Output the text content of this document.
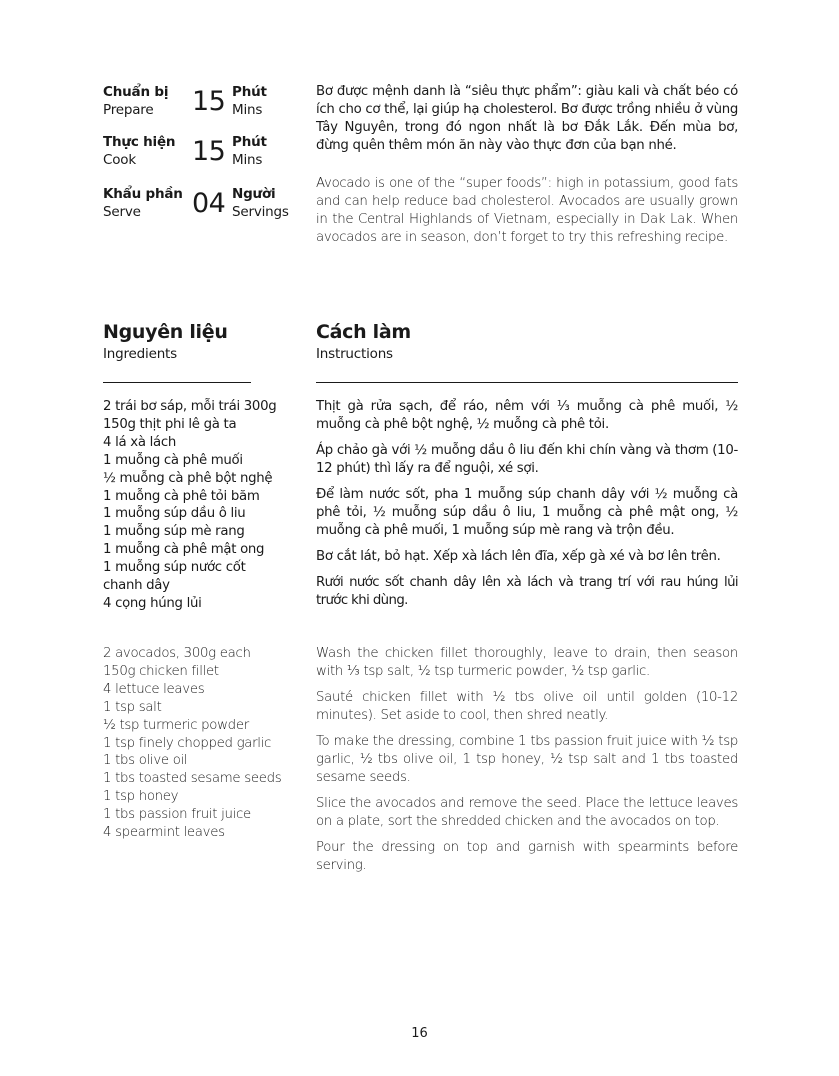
Chuẩn bị
Prepare 15 Phút
Mins
Thực hiện
Cook 15 Phút
Mins
Khẩu phần
Serve 04 Người
Servings

Bơ được mệnh danh là “siêu thực phẩm”: giàu kali và chất béo có ích cho cơ thể, lại giúp hạ cholesterol. Bơ được trồng nhiều ở vùng Tây Nguyên, trong đó ngon nhất là bơ Đắk Lắk. Đến mùa bơ, đừng quên thêm món ăn này vào thực đơn của bạn nhé.

Avocado is one of the “super foods”: high in potassium, good fats and can help reduce bad cholesterol. Avocados are usually grown in the Central Highlands of Vietnam, especially in Dak Lak. When avocados are in season, don’t forget to try this refreshing recipe.

Nguyên liệu
Ingredients
Cách làm
Instructions
2 trái bơ sáp, mỗi trái 300g
150g thịt phi lê gà ta
4 lá xà lách
1 muỗng cà phê muối
½ muỗng cà phê bột nghệ
1 muỗng cà phê tỏi băm
1 muỗng súp dầu ô liu
1 muỗng súp mè rang
1 muỗng cà phê mật ong
1 muỗng súp nước cốt chanh dây
4 cọng húng lủi
2 avocados, 300g each
150g chicken fillet
4 lettuce leaves
1 tsp salt
½ tsp turmeric powder
1 tsp finely chopped garlic
1 tbs olive oil
1 tbs toasted sesame seeds
1 tsp honey
1 tbs passion fruit juice
4 spearmint leaves

Thịt gà rửa sạch, để ráo, nêm với ⅓ muỗng cà phê muối, ½ muỗng cà phê bột nghệ, ½ muỗng cà phê tỏi.

Áp chảo gà với ½ muỗng dầu ô liu đến khi chín vàng và thơm (10-12 phút) thì lấy ra để nguội, xé sợi.

Để làm nước sốt, pha 1 muỗng súp chanh dây với ½ muỗng cà phê tỏi, ½ muỗng súp dầu ô liu, 1 muỗng cà phê mật ong, ½ muỗng cà phê muối, 1 muỗng súp mè rang và trộn đều.

Bơ cắt lát, bỏ hạt. Xếp xà lách lên đĩa, xếp gà xé và bơ lên trên.

Rưới nước sốt chanh dây lên xà lách và trang trí với rau húng lủi trước khi dùng.

Wash the chicken fillet thoroughly, leave to drain, then season with ⅓ tsp salt, ½ tsp turmeric powder, ½ tsp garlic.

Sauté chicken fillet with ½ tbs olive oil until golden (10-12 minutes). Set aside to cool, then shred neatly.

To make the dressing, combine 1 tbs passion fruit juice with ½ tsp garlic, ½ tbs olive oil, 1 tsp honey, ½ tsp salt and 1 tbs toasted sesame seeds.

Slice the avocados and remove the seed. Place the lettuce leaves on a plate, sort the shredded chicken and the avocados on top.

Pour the dressing on top and garnish with spearmints before serving.

16
